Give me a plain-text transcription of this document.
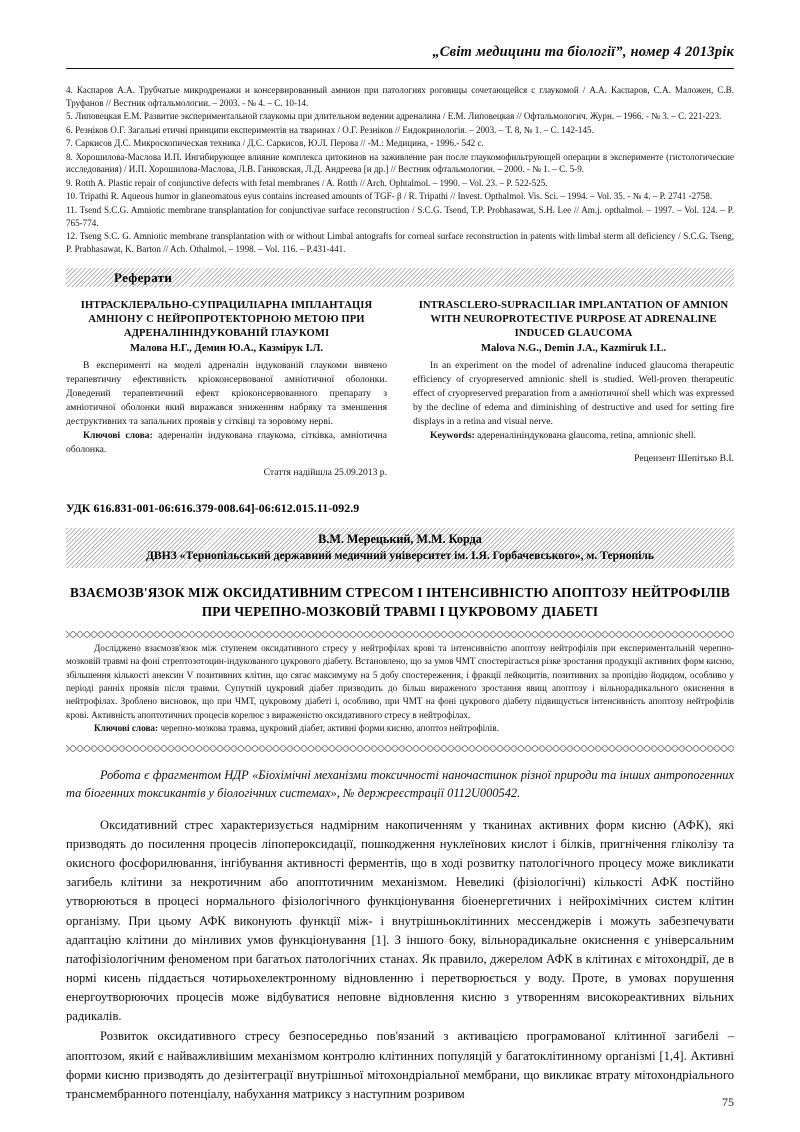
„Світ медицини та біології”, номер 4 2013рік

4. Каспаров А.А. Трубчатые микродренажи и консервированный амнион при патологиях роговицы сочетающейся с глаукомой / А.А. Каспаров, С.А. Маложен, С.В. Труфанов // Вестник офтальмологии. – 2003. - № 4. – С. 10-14.

5. Липовецкая Е.М. Развитие экспериментальной глаукомы при длительном ведении адреналина / Е.М. Липовецкая // Офтальмологич. Журн. – 1966. - № 3. – С. 221-223.

6. Резніков О.Г. Загальні етичні принципи експериментів на тваринах / О.Г. Резніков // Ендокринологія. – 2003. – Т. 8, № 1. – С. 142-145.

7. Саркисов Д.С. Микроскопическая техника / Д.С. Саркисов, Ю.Л. Перова // -М.: Медицина, - 1996.- 542 с.

8. Хорошилова-Маслова И.П. Ингибирующее влияние комплекса цитокинов на заживление ран после глаукомофильтрующей операции в эксперименте (гистологические исследования) / И.П. Хорошилова-Маслова, Л.В. Ганковская, Л.Д. Андреева [и др.] // Вестник офтальмологии. – 2000. - № 1. – С. 5-9.

9. Rotth A. Plastic repair of conjunctive defects with fetal membranes / A. Rotth // Arch. Ophtalmol. – 1990. – Vol. 23. – P. 522-525.

10. Tripathi R. Aqueous humor in glaneomatous eyus contains increased amounts of TGF- β / R. Tripathi // Invest. Opthalmol. Vis. Sci. – 1994. – Vol. 35. - № 4. – P. 2741 -2758.

11. Tsend S.C.G. Amniotic membrane transplantation for conjunctivae surface reconstruction / S.C.G. Tsend, T.P. Probhasawat, S.H. Lee // Am.j. opthalmol. – 1997. – Vol. 124. – P. 765-774.

12. Tseng S.C. G. Amniotic membrane transplantation with or without Limbal antografts for corneal surface reconstruction in patents with limbal sterm all deficiency / S.C.G. Tseng, P. Prabhasawat, K. Barton // Ach. Othalmol. – 1998. – Vol. 116. – P.431-441.

Реферати
ІНТРАСКЛЕРАЛЬНО-СУПРАЦИЛІАРНА ІМПЛАНТАЦІЯ АМНІОНУ С НЕЙРОПРОТЕКТОРНОЮ МЕТОЮ ПРИ АДРЕНАЛІНІНДУКОВАНІЙ ГЛАУКОМІ
Малова Н.Г., Демин Ю.А., Казмірук І.Л.
В експерименті на моделі адреналін індукованій глаукоми вивчено терапевтичну ефективність кріоконсервованої амніотичної оболонки. Доведений терапевтичний ефект кріоконсервованного препарату з амніотичної оболонки який виражався зниженням набряку та зменшення деструктивних та запальних проявів у сітківці та зоровому нерві.
Ключові слова: адереналін індукована глаукома, сітківка, амніотична оболонка.
Стаття надійшла 25.09.2013 р.
INTRASCLERO-SUPRACILIAR IMPLANTATION OF AMNION WITH NEUROPROTECTIVE PURPOSE AT ADRENALINE INDUCED GLAUCOMA
Malova N.G., Demin J.A., Kazmiruk I.L.
In an experiment on the model of adrenaline induced glaucoma therapeutic efficiency of cryopreserved amnionic shell is studied. Well-proven therapeutic effect of cryopreserved preparation from a амніотичної shell which was expressed by the decline of edema and diminishing of destructive and used for setting fire displays in a retina and visual nerve.
Keywords: адереналініндукована glaucoma, retina, amnionic shell.
Рецензент Шепітько В.І.
УДК 616.831-001-06:616.379-008.64]-06:612.015.11-092.9
В.М. Мерецький, М.М. Корда
ДВНЗ «Тернопільський державний медичний університет ім. І.Я. Горбачевського», м. Тернопіль
ВЗАЄМОЗВ'ЯЗОК МІЖ ОКСИДАТИВНИМ СТРЕСОМ І ІНТЕНСИВНІСТЮ АПОПТОЗУ НЕЙТРОФІЛІВ ПРИ ЧЕРЕПНО-МОЗКОВІЙ ТРАВМІ І ЦУКРОВОМУ ДІАБЕТІ
Досліджено взаємозв'язок між ступенем оксидативного стресу у нейтрофілах крові та інтенсивністю апоптозу нейтрофілів при експериментальній черепно-мозковій травмі на фоні стрептозотоцин-індукованого цукрового діабету. Встановлено, що за умов ЧМТ спостерігається різке зростання продукції активних форм кисню, збільшення кількості анексин V позитивних клітин, що сягає максимуму на 5 добу спостереження, і фракції лейкоцитів, позитивних за пропідію йодидом, особливо у періоді ранніх проявів після травми. Супутній цукровий діабет призводить до більш вираженого зростання явищ апоптозу і вільнорадикального окиснення в нейтрофілах. Зроблено висновок, що при ЧМТ, цукровому діабеті і, особливо, при ЧМТ на фоні цукрового діабету підвищується інтенсивність апоптозу нейтрофілів крові. Активність апоптотичних процесів корелює з вираженістю оксидативного стресу в нейтрофілах.
Ключові слова: черепно-мозкова травма, цукровий діабет, активні форми кисню, апоптоз нейтрофілів.
Робота є фрагментом НДР «Біохімічні механізми токсичності наночастинок різної природи та інших антропогенних та біогенних токсикантів у біологічних системах», № держреєстрації 0112U000542.
Оксидативний стрес характеризується надмірним накопиченням у тканинах активних форм кисню (АФК), які призводять до посилення процесів ліпопероксидації, пошкодження нуклеїнових кислот і білків, пригнічення гліколізу та окисного фосфорилювання, інгібування активності ферментів, що в ході розвитку патологічного процесу може викликати загибель клітини за некротичним або апоптотичним механізмом. Невеликі (фізіологічні) кількості АФК постійно утворюються в процесі нормального фізіологічного функціонування біоенергетичних і нейрохімічних систем клітин організму. При цьому АФК виконують функції між- і внутрішньоклітинних мессенджерів і можуть забезпечувати адаптацію клітини до мінливих умов функціонування [1]. З іншого боку, вільнорадикальне окиснення є універсальним патофізіологічним феноменом при багатьох патологічних станах. Як правило, джерелом АФК в клітинах є мітохондрії, де в нормі кисень піддається чотирьохелектронному відновленню і перетворюється у воду. Проте, в умовах порушення енергоутворюючих процесів може відбуватися неповне відновлення кисню з утворенням високореактивних вільних радикалів.
Розвиток оксидативного стресу безпосередньо пов'язаний з активацією програмованої клітинної загибелі – апоптозом, який є найважливішим механізмом контролю клітинних популяцій у багатоклітинному організмі [1,4]. Активні форми кисню призводять до дезінтеграції внутрішньої мітохондріальної мембрани, що викликає втрату мітохондріального трансмембранного потенціалу, набухання матриксу з наступним розривом
75
